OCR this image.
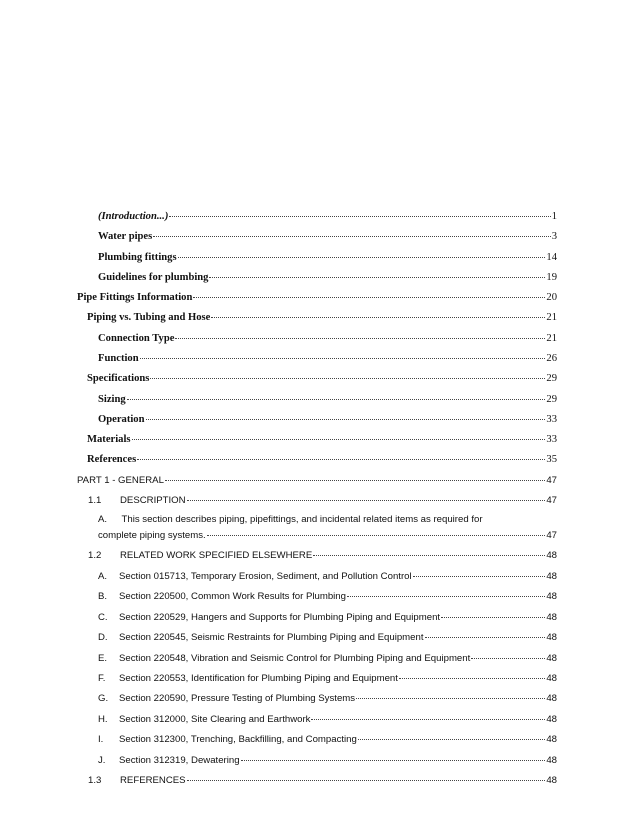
(Introduction...)	1
Water pipes	3
Plumbing fittings	14
Guidelines for plumbing	19
Pipe Fittings Information	20
Piping vs. Tubing and Hose	21
Connection Type	21
Function	26
Specifications	29
Sizing	29
Operation	33
Materials	33
References	35
PART 1 - GENERAL	47
1.1	DESCRIPTION	47
A. This section describes piping, pipefittings, and incidental related items as required for
complete piping systems.	47
1.2	RELATED WORK SPECIFIED ELSEWHERE	48
A.	Section 015713, Temporary Erosion, Sediment, and Pollution Control	48
B.	Section 220500, Common Work Results for Plumbing	48
C.	Section 220529, Hangers and Supports for Plumbing Piping and Equipment	48
D.	Section 220545, Seismic Restraints for Plumbing Piping and Equipment	48
E.	Section 220548, Vibration and Seismic Control for Plumbing Piping and Equipment	48
F.	Section 220553, Identification for Plumbing Piping and Equipment	48
G.	Section 220590, Pressure Testing of Plumbing Systems	48
H.	Section 312000, Site Clearing and Earthwork	48
I.	Section 312300, Trenching, Backfilling, and Compacting	48
J.	Section 312319, Dewatering	48
1.3	REFERENCES	48
